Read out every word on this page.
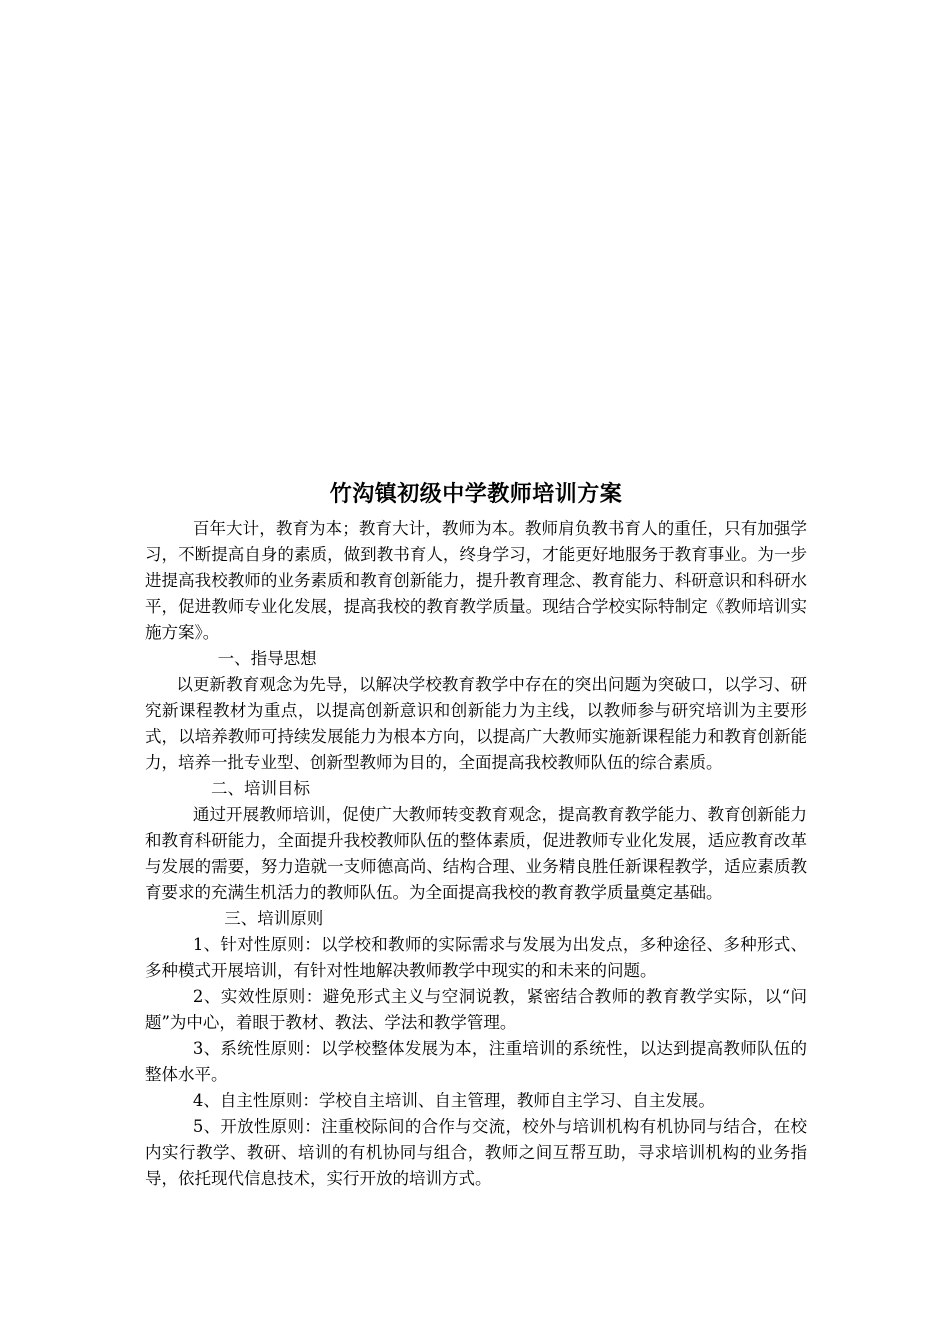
竹沟镇初级中学教师培训方案

百年大计，教育为本；教育大计，教师为本。教师肩负教书育人的重任，只有加强学习，不断提高自身的素质，做到教书育人，终身学习，才能更好地服务于教育事业。为一步进提高我校教师的业务素质和教育创新能力，提升教育理念、教育能力、科研意识和科研水平，促进教师专业化发展，提高我校的教育教学质量。现结合学校实际特制定《教师培训实施方案》。

一、指导思想

以更新教育观念为先导，以解决学校教育教学中存在的突出问题为突破口，以学习、研究新课程教材为重点，以提高创新意识和创新能力为主线，以教师参与研究培训为主要形式，以培养教师可持续发展能力为根本方向，以提高广大教师实施新课程能力和教育创新能力，培养一批专业型、创新型教师为目的，全面提高我校教师队伍的综合素质。

二、培训目标

通过开展教师培训，促使广大教师转变教育观念，提高教育教学能力、教育创新能力和教育科研能力，全面提升我校教师队伍的整体素质，促进教师专业化发展，适应教育改革与发展的需要，努力造就一支师德高尚、结构合理、业务精良胜任新课程教学，适应素质教育要求的充满生机活力的教师队伍。为全面提高我校的教育教学质量奠定基础。

三、培训原则

1、针对性原则：以学校和教师的实际需求与发展为出发点，多种途径、多种形式、多种模式开展培训，有针对性地解决教师教学中现实的和未来的问题。

2、实效性原则：避免形式主义与空洞说教，紧密结合教师的教育教学实际，以“问题”为中心，着眼于教材、教法、学法和教学管理。

3、系统性原则：以学校整体发展为本，注重培训的系统性，以达到提高教师队伍的整体水平。

4、自主性原则：学校自主培训、自主管理，教师自主学习、自主发展。

5、开放性原则：注重校际间的合作与交流，校外与培训机构有机协同与结合，在校内实行教学、教研、培训的有机协同与组合，教师之间互帮互助，寻求培训机构的业务指导，依托现代信息技术，实行开放的培训方式。
